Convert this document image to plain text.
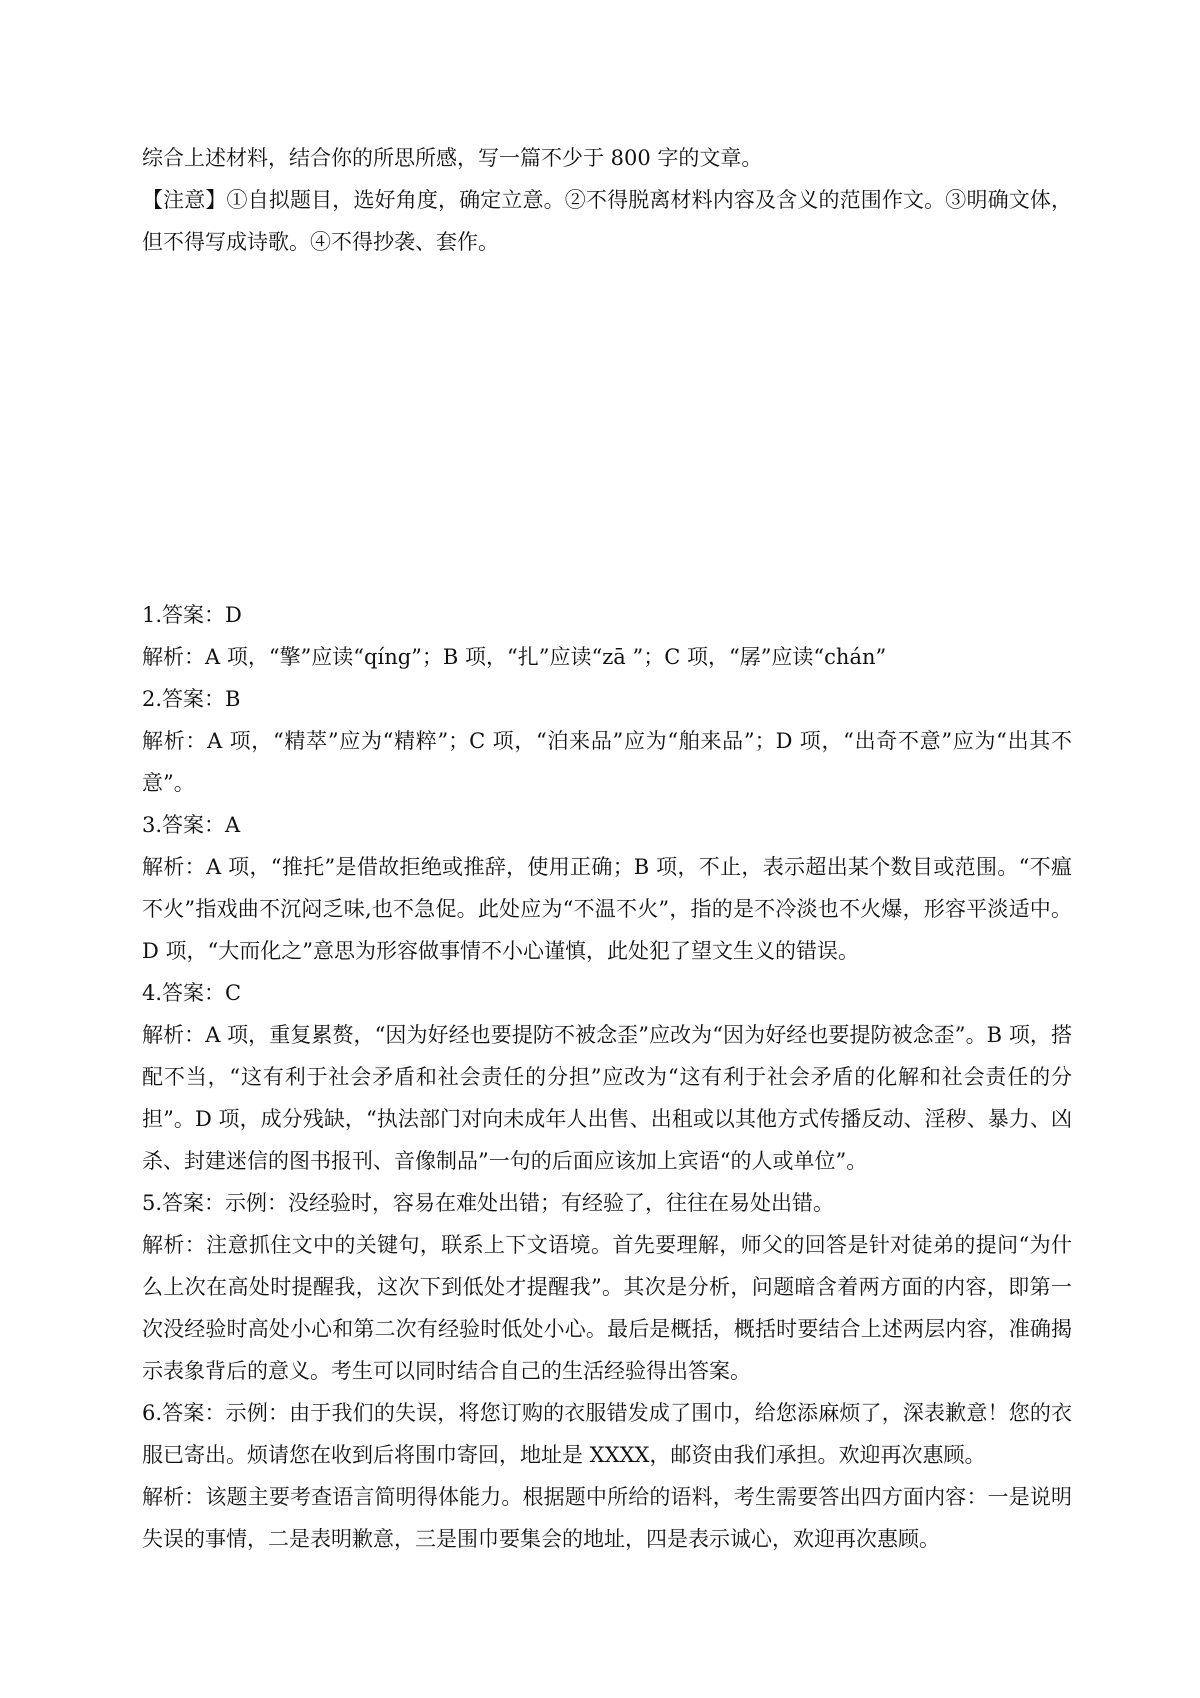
综合上述材料，结合你的所思所感，写一篇不少于 800 字的文章。

【注意】①自拟题目，选好角度，确定立意。②不得脱离材料内容及含义的范围作文。③明确文体，但不得写成诗歌。④不得抄袭、套作。

1.答案：D

解析：A 项，“擎”应读“qíng”；B 项，“扎”应读“zā ”；C 项，“孱”应读“chán”

2.答案：B

解析：A 项，“精萃”应为“精粹”；C 项，“泊来品”应为“舶来品”；D 项，“出奇不意”应为“出其不意”。

3.答案：A

解析：A 项，“推托”是借故拒绝或推辞，使用正确；B 项，不止，表示超出某个数目或范围。“不瘟不火”指戏曲不沉闷乏味,也不急促。此处应为“不温不火”，指的是不冷淡也不火爆，形容平淡适中。D 项，“大而化之”意思为形容做事情不小心谨慎，此处犯了望文生义的错误。

4.答案：C

解析：A 项，重复累赘，“因为好经也要提防不被念歪”应改为“因为好经也要提防被念歪”。B 项，搭配不当，“这有利于社会矛盾和社会责任的分担”应改为“这有利于社会矛盾的化解和社会责任的分担”。D 项，成分残缺，“执法部门对向未成年人出售、出租或以其他方式传播反动、淫秽、暴力、凶杀、封建迷信的图书报刊、音像制品”一句的后面应该加上宾语“的人或单位”。

5.答案：示例：没经验时，容易在难处出错；有经验了，往往在易处出错。

解析：注意抓住文中的关键句，联系上下文语境。首先要理解，师父的回答是针对徒弟的提问“为什么上次在高处时提醒我，这次下到低处才提醒我”。其次是分析，问题暗含着两方面的内容，即第一次没经验时高处小心和第二次有经验时低处小心。最后是概括，概括时要结合上述两层内容，准确揭示表象背后的意义。考生可以同时结合自己的生活经验得出答案。

6.答案：示例：由于我们的失误，将您订购的衣服错发成了围巾，给您添麻烦了，深表歉意！您的衣服已寄出。烦请您在收到后将围巾寄回，地址是 XXXX，邮资由我们承担。欢迎再次惠顾。

解析：该题主要考查语言简明得体能力。根据题中所给的语料，考生需要答出四方面内容：一是说明失误的事情，二是表明歉意，三是围巾要集会的地址，四是表示诚心，欢迎再次惠顾。
